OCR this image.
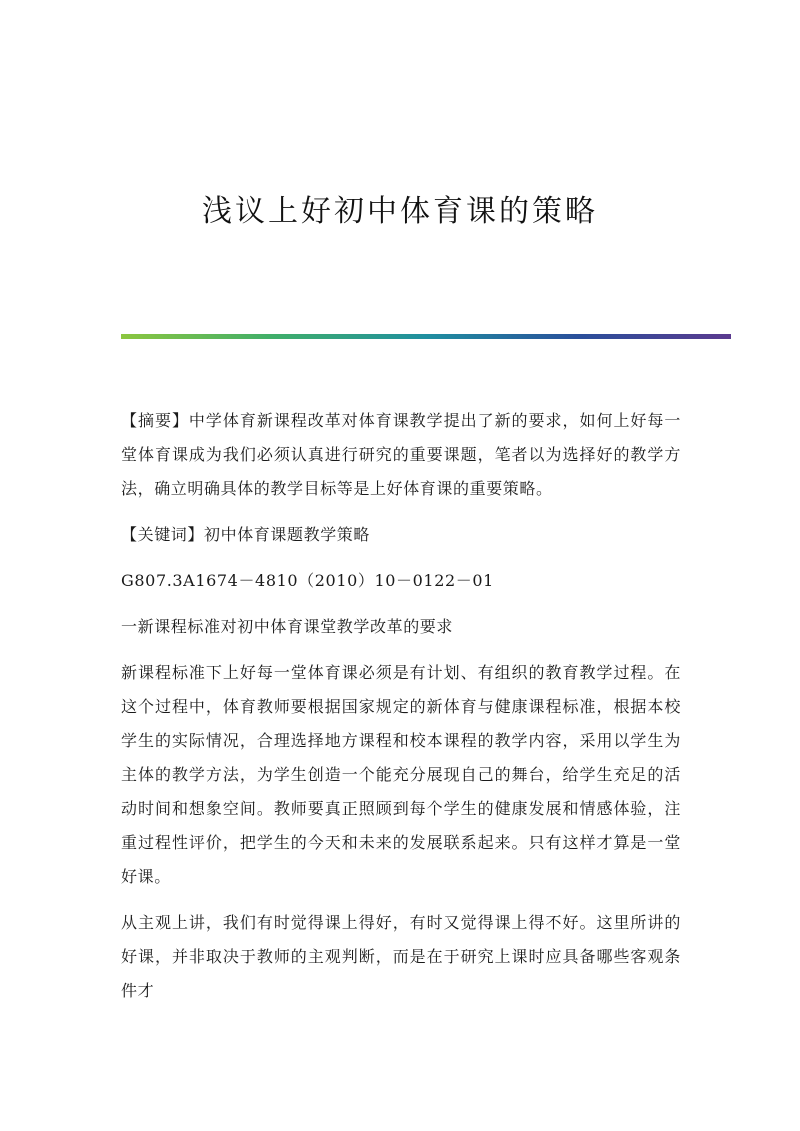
浅议上好初中体育课的策略

【摘要】中学体育新课程改革对体育课教学提出了新的要求，如何上好每一堂体育课成为我们必须认真进行研究的重要课题，笔者以为选择好的教学方法，确立明确具体的教学目标等是上好体育课的重要策略。

【关键词】初中体育课题教学策略

G807.3A1674－4810（2010）10－0122－01

一新课程标准对初中体育课堂教学改革的要求

新课程标准下上好每一堂体育课必须是有计划、有组织的教育教学过程。在这个过程中，体育教师要根据国家规定的新体育与健康课程标准，根据本校学生的实际情况，合理选择地方课程和校本课程的教学内容，采用以学生为主体的教学方法，为学生创造一个能充分展现自己的舞台，给学生充足的活动时间和想象空间。教师要真正照顾到每个学生的健康发展和情感体验，注重过程性评价，把学生的今天和未来的发展联系起来。只有这样才算是一堂好课。

从主观上讲，我们有时觉得课上得好，有时又觉得课上得不好。这里所讲的好课，并非取决于教师的主观判断，而是在于研究上课时应具备哪些客观条件才
